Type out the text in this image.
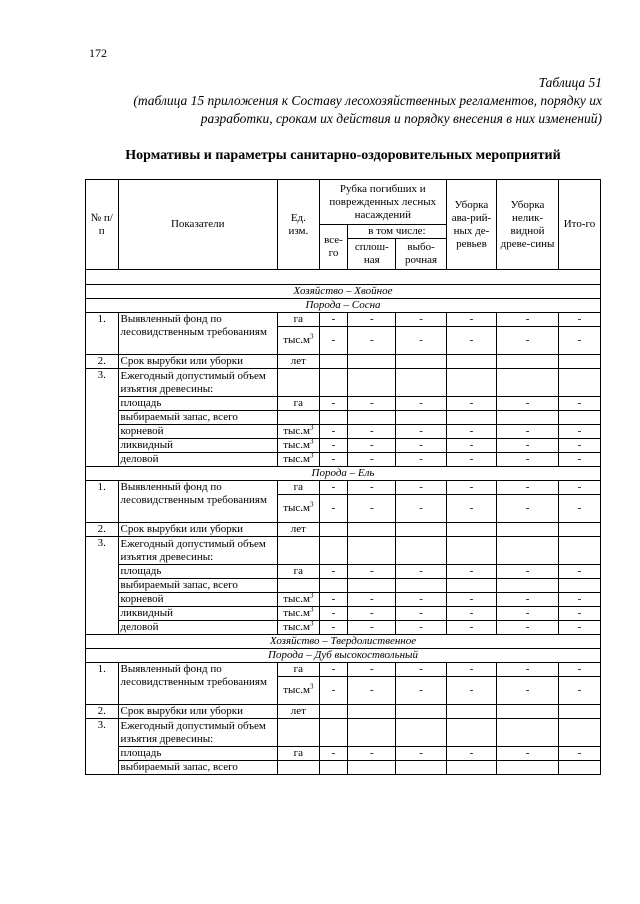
172
Таблица 51
(таблица 15 приложения к Составу лесохозяйственных регламентов, порядку их разработки, срокам их действия и порядку внесения в них изменений)
Нормативы и параметры санитарно-оздоровительных мероприятий
№ п/п	Показатели	Ед. изм.	Рубка погибших и поврежденных лесных насаждений			Уборка ава-рий-ных де-ревьев	Уборка нелик-видной древе-сины	Ито-го
			все-го	в том числе:				
				сплош-ная	выбо-рочная			

Хозяйство – Хвойное								
Порода – Сосна								
1.	Выявленный фонд по лесовидственным требованиям	га	-	-	-	-	-	-
		$тыс.м^3$	-	-	-	-	-	-
2.	Срок вырубки или уборки	лет						
3.	Ежегодный допустимый объем изъятия древесины:							
	площадь	га	-	-	-	-	-	-
	выбираемый запас, всего							
	корневой	$тыс.м^3$	-	-	-	-	-	-
	ликвидный	$тыс.м^3$	-	-	-	-	-	-
	деловой	$тыс.м^3$	-	-	-	-	-	-
Порода – Ель								
1.	Выявленный фонд по лесовидственным требованиям	га	-	-	-	-	-	-
		$тыс.м^3$	-	-	-	-	-	-
2.	Срок вырубки или уборки	лет						
3.	Ежегодный допустимый объем изъятия древесины:							
	площадь	га	-	-	-	-	-	-
	выбираемый запас, всего							
	корневой	$тыс.м^3$	-	-	-	-	-	-
	ликвидный	$тыс.м^3$	-	-	-	-	-	-
	деловой	$тыс.м^3$	-	-	-	-	-	-
Хозяйство – Твердолиственное								
Порода – Дуб высокоствольный								
1.	Выявленный фонд по лесовидственным требованиям	га	-	-	-	-	-	-
		$тыс.м^3$	-	-	-	-	-	-
2.	Срок вырубки или уборки	лет						
3.	Ежегодный допустимый объем изъятия древесины:							
	площадь	га	-	-	-	-	-	-
	выбираемый запас, всего							
